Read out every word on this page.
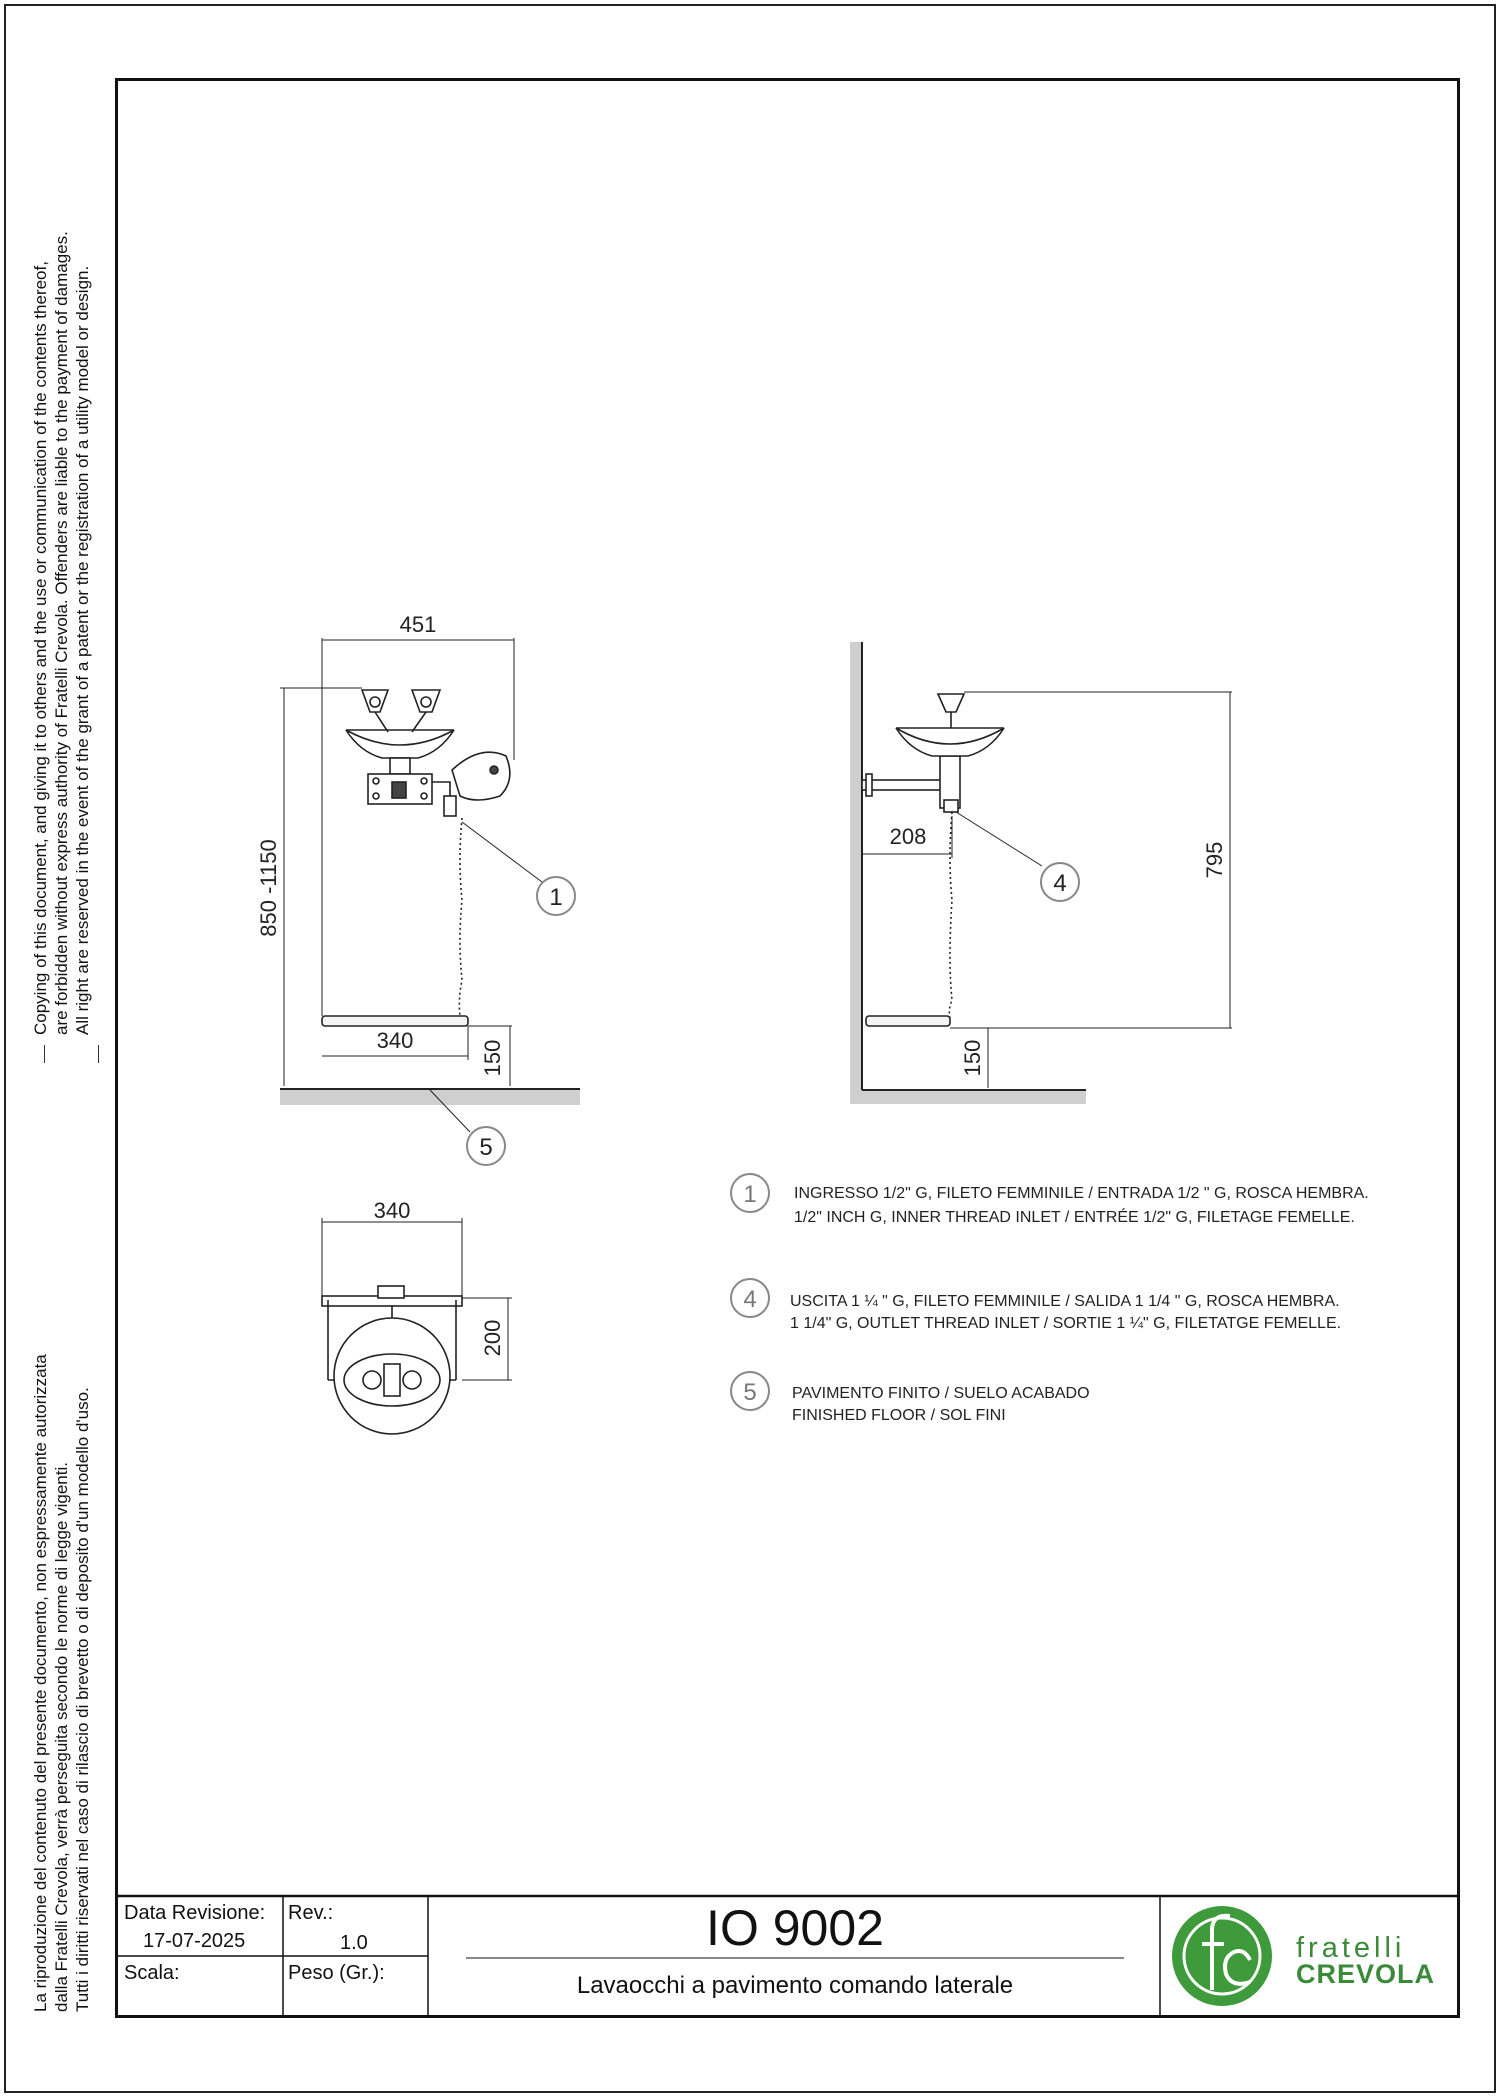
Copying of this document, and giving it to others and the use or communication of the contents thereof, are forbidden without express authority of Fratelli Crevola. Offenders are liable to the payment of damages. All right are reserved in the event of the grant of a patent or the registration of a utility model or design.
La riproduzione del contenuto del presente documento, non espressamente autorizzata dalla Fratelli Crevola, verrà perseguita secondo le norme di legge vigenti. Tutti i diritti riservati nel caso di rilascio di brevetto o di deposito d'un modello d'uso.
451
850 -1150
340	150
208
795
150
340
200
1
4
5
1 INGRESSO 1/2" G, FILETO FEMMINILE / ENTRADA 1/2 " G, ROSCA HEMBRA.
1/2" INCH G, INNER THREAD INLET / ENTRÉE 1/2" G, FILETAGE FEMELLE.
4 USCITA 1 ¼ " G, FILETO FEMMINILE / SALIDA 1 1/4 " G, ROSCA HEMBRA.
1 1/4" G, OUTLET THREAD INLET / SORTIE 1 ¼" G, FILETATGE FEMELLE.
5 PAVIMENTO FINITO / SUELO ACABADO
FINISHED FLOOR / SOL FINI
fratelli
CREVOLA
Data Revisione:
17-07-2025
Rev.:
1.0
Scala:	Peso (Gr.):
IO 9002
Lavaocchi a pavimento comando laterale
